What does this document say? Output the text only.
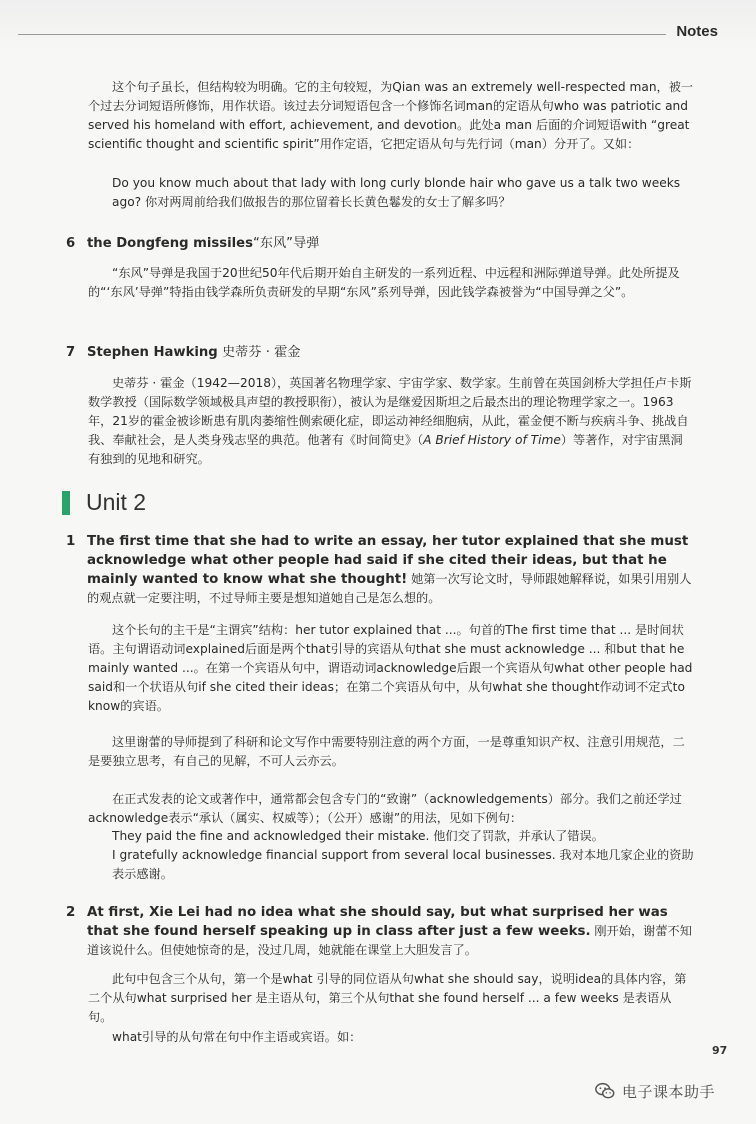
Notes

这个句子虽长，但结构较为明确。它的主句较短，为Qian was an extremely well-respected man，被一个过去分词短语所修饰，用作状语。该过去分词短语包含一个修饰名词man的定语从句who was patriotic and served his homeland with effort, achievement, and devotion。此处a man 后面的介词短语with “great scientific thought and scientific spirit”用作定语，它把定语从句与先行词（man）分开了。又如：

Do you know much about that lady with long curly blonde hair who gave us a talk two weeks ago? 你对两周前给我们做报告的那位留着长长黄色鬈发的女士了解多吗？

6 the Dongfeng missiles“东风”导弹

“东风”导弹是我国于20世纪50年代后期开始自主研发的一系列近程、中远程和洲际弹道导弹。此处所提及的“‘东风’导弹”特指由钱学森所负责研发的早期“东风”系列导弹，因此钱学森被誉为“中国导弹之父”。

7 Stephen Hawking 史蒂芬 · 霍金

史蒂芬 · 霍金（1942—2018），英国著名物理学家、宇宙学家、数学家。生前曾在英国剑桥大学担任卢卡斯数学教授（国际数学领域极具声望的教授职衔），被认为是继爱因斯坦之后最杰出的理论物理学家之一。1963年，21岁的霍金被诊断患有肌肉萎缩性侧索硬化症，即运动神经细胞病，从此，霍金便不断与疾病斗争、挑战自我、奉献社会，是人类身残志坚的典范。他著有《时间简史》（A Brief History of Time）等著作，对宇宙黑洞有独到的见地和研究。

Unit 2
1 The first time that she had to write an essay, her tutor explained that she must acknowledge what other people had said if she cited their ideas, but that he mainly wanted to know what she thought! 她第一次写论文时，导师跟她解释说，如果引用别人的观点就一定要注明，不过导师主要是想知道她自己是怎么想的。

这个长句的主干是“主谓宾”结构：her tutor explained that ...。句首的The first time that ... 是时间状语。主句谓语动词explained后面是两个that引导的宾语从句that she must acknowledge ... 和but that he mainly wanted ...。在第一个宾语从句中，谓语动词acknowledge后跟一个宾语从句what other people had said和一个状语从句if she cited their ideas；在第二个宾语从句中，从句what she thought作动词不定式to know的宾语。

这里谢蕾的导师提到了科研和论文写作中需要特别注意的两个方面，一是尊重知识产权、注意引用规范，二是要独立思考，有自己的见解，不可人云亦云。

在正式发表的论文或著作中，通常都会包含专门的“致谢”（acknowledgements）部分。我们之前还学过acknowledge表示“承认（属实、权威等）；（公开）感谢”的用法，见如下例句：

They paid the fine and acknowledged their mistake. 他们交了罚款，并承认了错误。

I gratefully acknowledge financial support from several local businesses. 我对本地几家企业的资助表示感谢。

2 At first, Xie Lei had no idea what she should say, but what surprised her was that she found herself speaking up in class after just a few weeks. 刚开始，谢蕾不知道该说什么。但使她惊奇的是，没过几周，她就能在课堂上大胆发言了。

此句中包含三个从句，第一个是what 引导的同位语从句what she should say，说明idea的具体内容，第二个从句what surprised her 是主语从句，第三个从句that she found herself ... a few weeks 是表语从句。

what引导的从句常在句中作主语或宾语。如：

97
电子课本助手
